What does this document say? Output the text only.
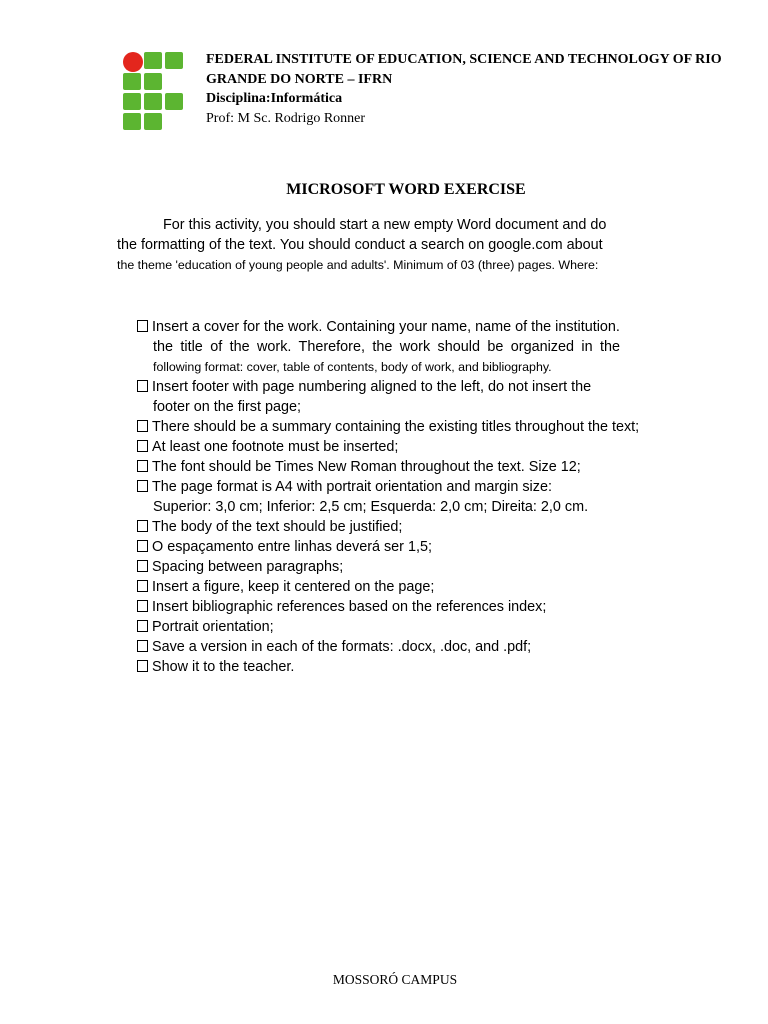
FEDERAL INSTITUTE OF EDUCATION, SCIENCE AND TECHNOLOGY OF RIO
GRANDE DO NORTE – IFRN
Disciplina:Informática
Prof: M Sc. Rodrigo Ronner
MICROSOFT WORD EXERCISE
For this activity, you should start a new empty Word document and do
the formatting of the text. You should conduct a search on google.com about
the theme 'education of young people and adults'. Minimum of 03 (three) pages. Where:
Insert a cover for the work. Containing your name, name of the institution.
the title of the work. Therefore, the work should be organized in the
following format: cover, table of contents, body of work, and bibliography.
Insert footer with page numbering aligned to the left, do not insert the
footer on the first page;
There should be a summary containing the existing titles throughout the text;
At least one footnote must be inserted;
The font should be Times New Roman throughout the text. Size 12;
The page format is A4 with portrait orientation and margin size:
Superior: 3,0 cm; Inferior: 2,5 cm; Esquerda: 2,0 cm; Direita: 2,0 cm.
The body of the text should be justified;
O espaçamento entre linhas deverá ser 1,5;
Spacing between paragraphs;
Insert a figure, keep it centered on the page;
Insert bibliographic references based on the references index;
Portrait orientation;
Save a version in each of the formats: .docx, .doc, and .pdf;
Show it to the teacher.
MOSSORÓ CAMPUS
